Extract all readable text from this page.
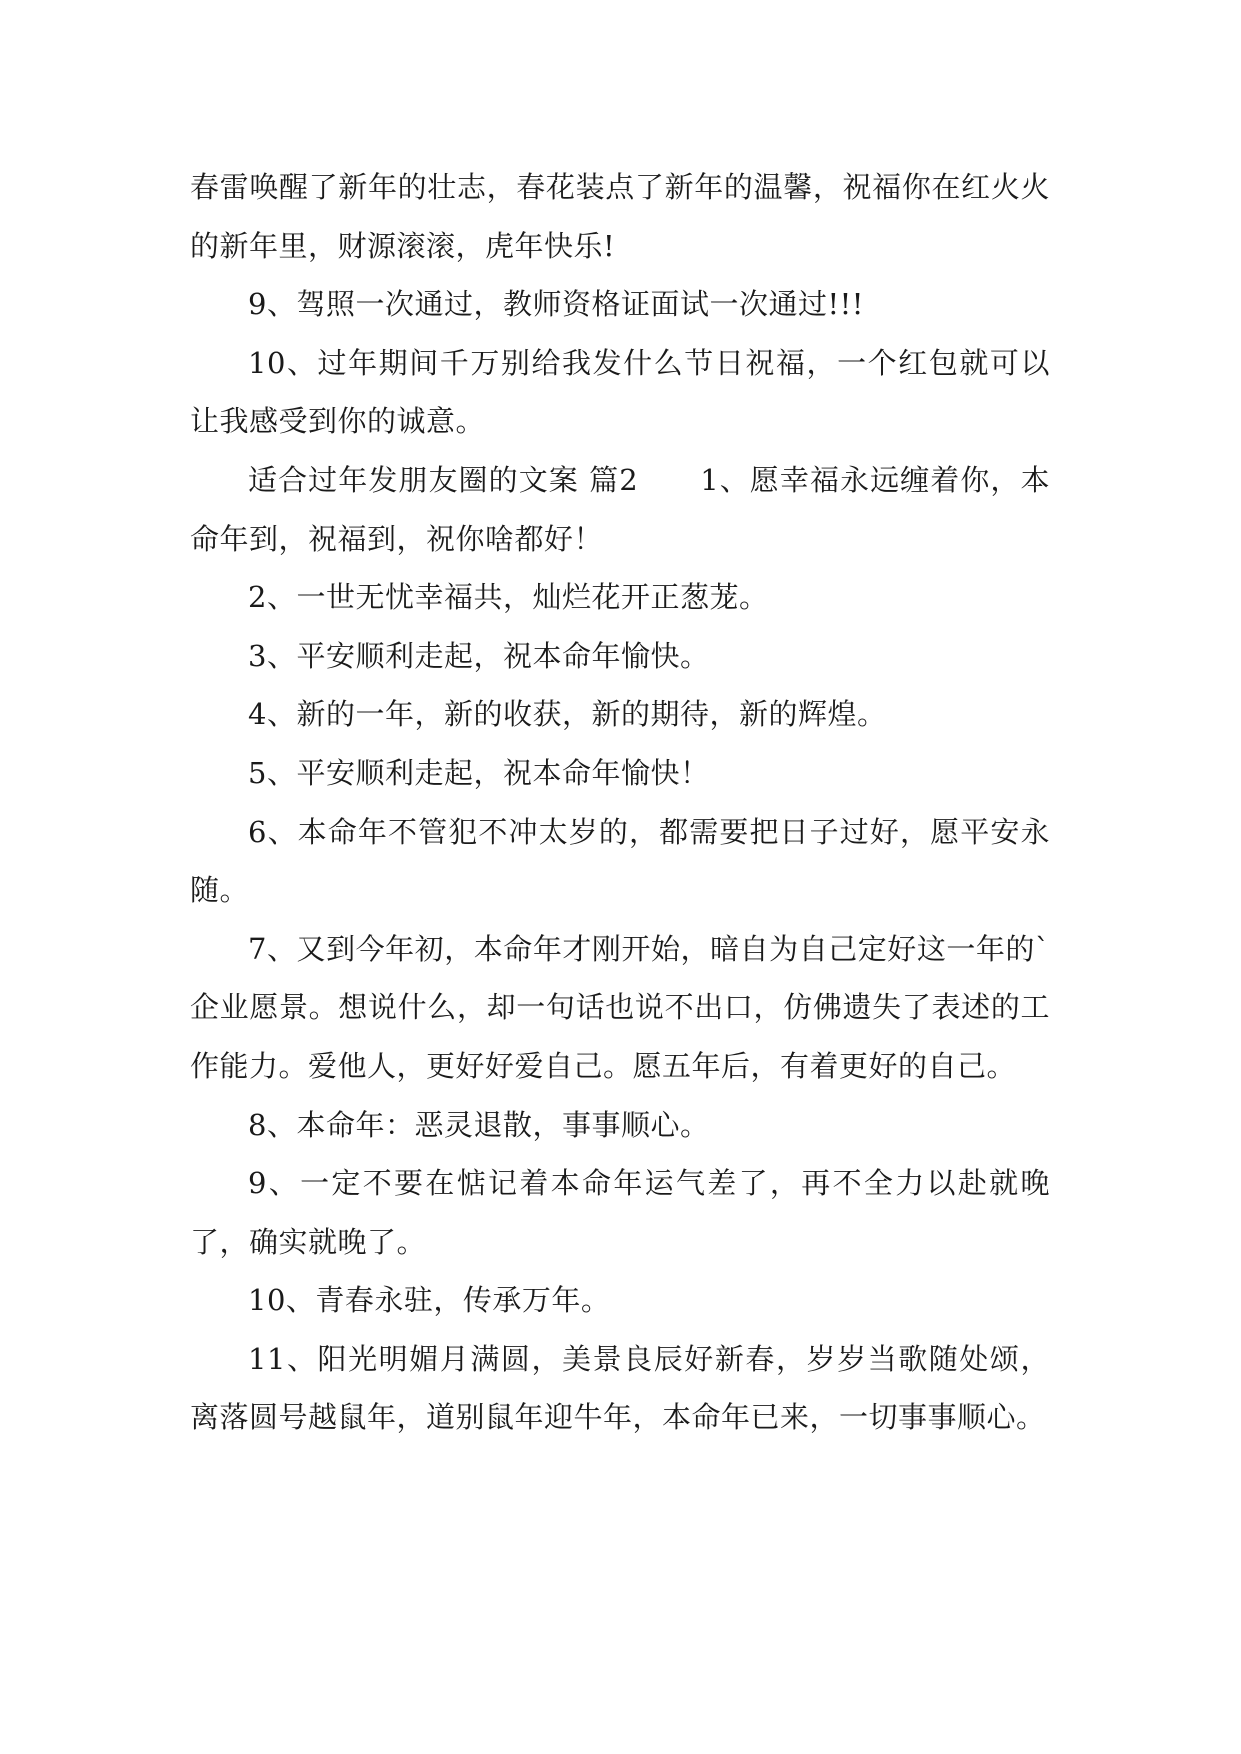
春雷唤醒了新年的壮志，春花装点了新年的温馨，祝福你在红火火的新年里，财源滚滚，虎年快乐!

9、驾照一次通过，教师资格证面试一次通过!!!

10、过年期间千万别给我发什么节日祝福，一个红包就可以让我感受到你的诚意。

适合过年发朋友圈的文案 篇2 1、愿幸福永远缠着你，本命年到，祝福到，祝你啥都好！

2、一世无忧幸福共，灿烂花开正葱茏。

3、平安顺利走起，祝本命年愉快。

4、新的一年，新的收获，新的期待，新的辉煌。

5、平安顺利走起，祝本命年愉快！

6、本命年不管犯不冲太岁的，都需要把日子过好，愿平安永随。

7、又到今年初，本命年才刚开始，暗自为自己定好这一年的`企业愿景。想说什么，却一句话也说不出口，仿佛遗失了表述的工作能力。爱他人，更好好爱自己。愿五年后，有着更好的自己。

8、本命年：恶灵退散，事事顺心。

9、一定不要在惦记着本命年运气差了，再不全力以赴就晚了，确实就晚了。

10、青春永驻，传承万年。

11、阳光明媚月满圆，美景良辰好新春，岁岁当歌随处颂，离落圆号越鼠年，道别鼠年迎牛年，本命年已来，一切事事顺心。
